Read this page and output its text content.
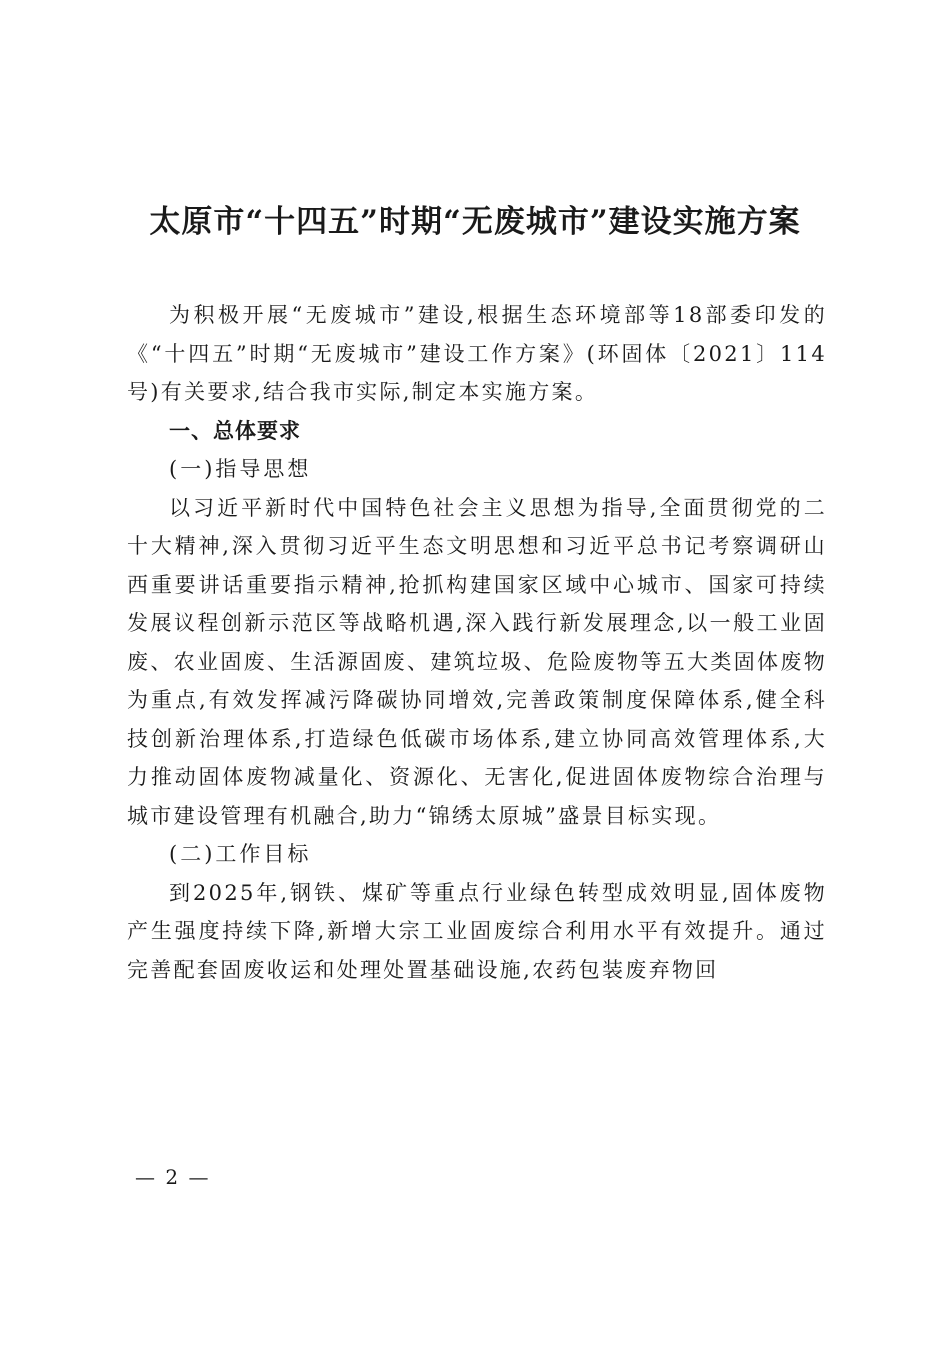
太原市“十四五”时期“无废城市”建设实施方案

为积极开展“无废城市”建设,根据生态环境部等18部委印发的《“十四五”时期“无废城市”建设工作方案》(环固体〔2021〕114号)有关要求,结合我市实际,制定本实施方案。

一、总体要求

(一)指导思想

以习近平新时代中国特色社会主义思想为指导,全面贯彻党的二十大精神,深入贯彻习近平生态文明思想和习近平总书记考察调研山西重要讲话重要指示精神,抢抓构建国家区域中心城市、国家可持续发展议程创新示范区等战略机遇,深入践行新发展理念,以一般工业固废、农业固废、生活源固废、建筑垃圾、危险废物等五大类固体废物为重点,有效发挥减污降碳协同增效,完善政策制度保障体系,健全科技创新治理体系,打造绿色低碳市场体系,建立协同高效管理体系,大力推动固体废物减量化、资源化、无害化,促进固体废物综合治理与城市建设管理有机融合,助力“锦绣太原城”盛景目标实现。

(二)工作目标

到2025年,钢铁、煤矿等重点行业绿色转型成效明显,固体废物产生强度持续下降,新增大宗工业固废综合利用水平有效提升。通过完善配套固废收运和处理处置基础设施,农药包装废弃物回

— 2 —
